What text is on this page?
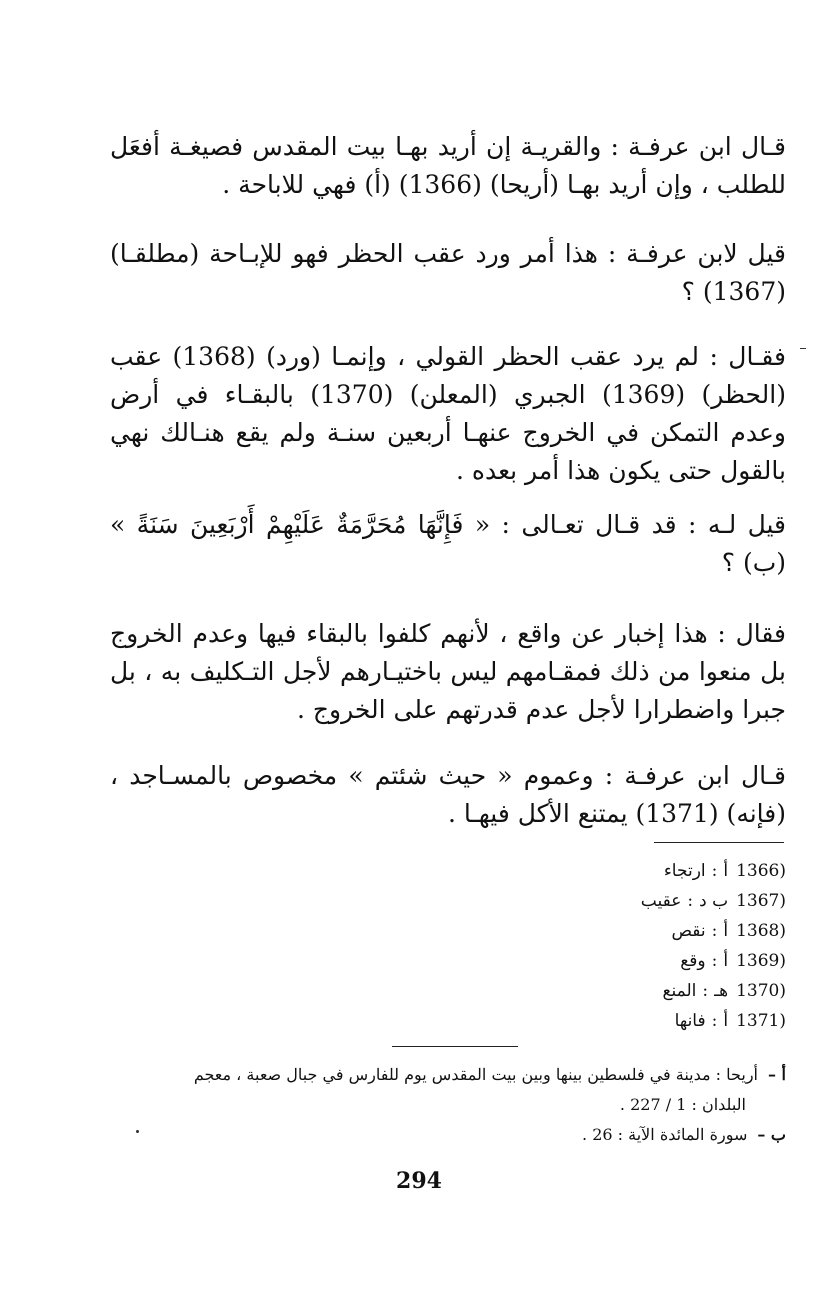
قـال ابن عرفـة : والقريـة إن أريد بهـا بيت المقدس فصيغـة أفعَل للطلب ، وإن أريد بهـا (أريحا) (1366) (أ) فهي للاباحة .

قيل لابن عرفـة : هذا أمر ورد عقب الحظر فهو للإبـاحة (مطلقـا) (1367) ؟

فقـال : لم يرد عقب الحظر القولي ، وإنمـا (ورد) (1368) عقب (الحظر) (1369) الجبري (المعلن) (1370) بالبقـاء في أرض وعدم التمكن في الخروج عنهـا أربعين سنـة ولم يقع هنـالك نهي بالقول حتى يكون هذا أمر بعده .

قيل لـه : قد قـال تعـالى : « فَإِنَّهَا مُحَرَّمَةٌ عَلَيْهِمْ أَرْبَعِينَ سَنَةً » (ب) ؟

فقال : هذا إخبار عن واقع ، لأنهم كلفوا بالبقاء فيها وعدم الخروج بل منعوا من ذلك فمقـامهم ليس باختيـارهم لأجل التـكليف به ، بل جبرا واضطرارا لأجل عدم قدرتهم على الخروج .

قـال ابن عرفـة : وعموم « حيث شئتم » مخصوص بالمسـاجد ، (فإنه) (1371) يمتنع الأكل فيهـا .

(1366أ:ارتجاء
(1367ب د:عقيب
(1368أ:نقص
(1369أ:وقع
(1370هـ:المنع
(1371أ:فانها
أ –أريحا : مدينة في فلسطين بينها وبين بيت المقدس يوم للفارس في جبال صعبة ، معجم
البلدان : 1 / 227 .
ب –سورة المائدة الآية : 26 .
294
